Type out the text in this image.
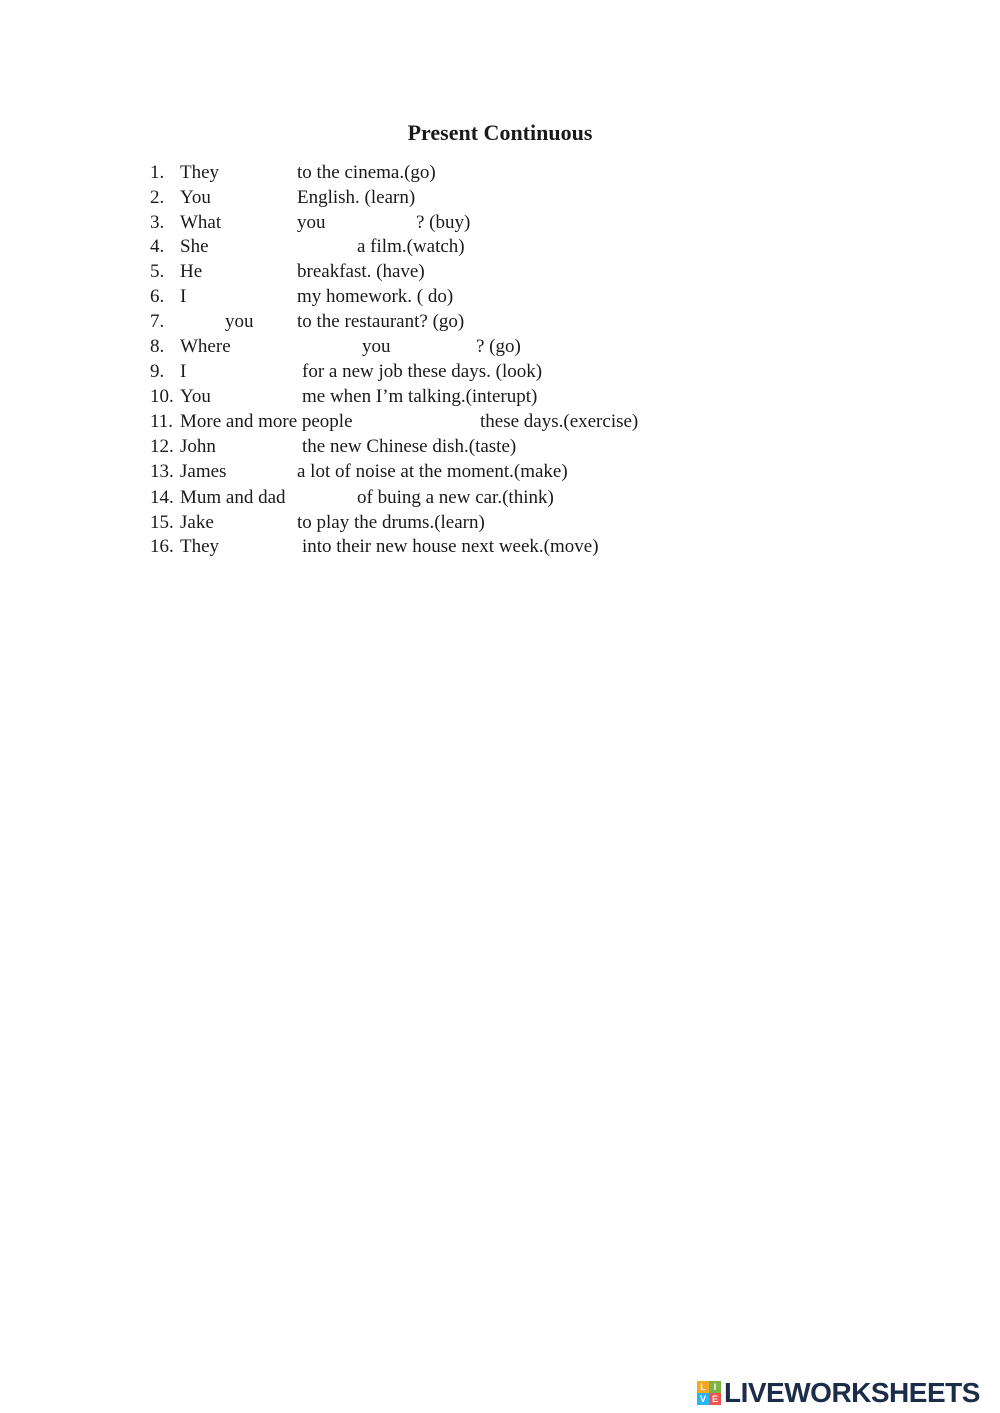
Present Continuous
1. They	to the cinema.(go)
2. You	English. (learn)
3. What	you	? (buy)
4. She	a film.(watch)
5. He	breakfast. (have)
6. I	my homework. ( do)
7.	you to the restaurant? (go)
8. Where	you	? (go)
9. I	for a new job these days. (look)
10. You	me when I’m talking.(interupt)
11. More and more people	these days.(exercise)
12. John	the new Chinese dish.(taste)
13. James	a lot of noise at the moment.(make)
14. Mum and dad	of buing a new car.(think)
15. Jake	to play the drums.(learn)
16. They	into their new house next week.(move)
L I
V E LIVEWORKSHEETS
